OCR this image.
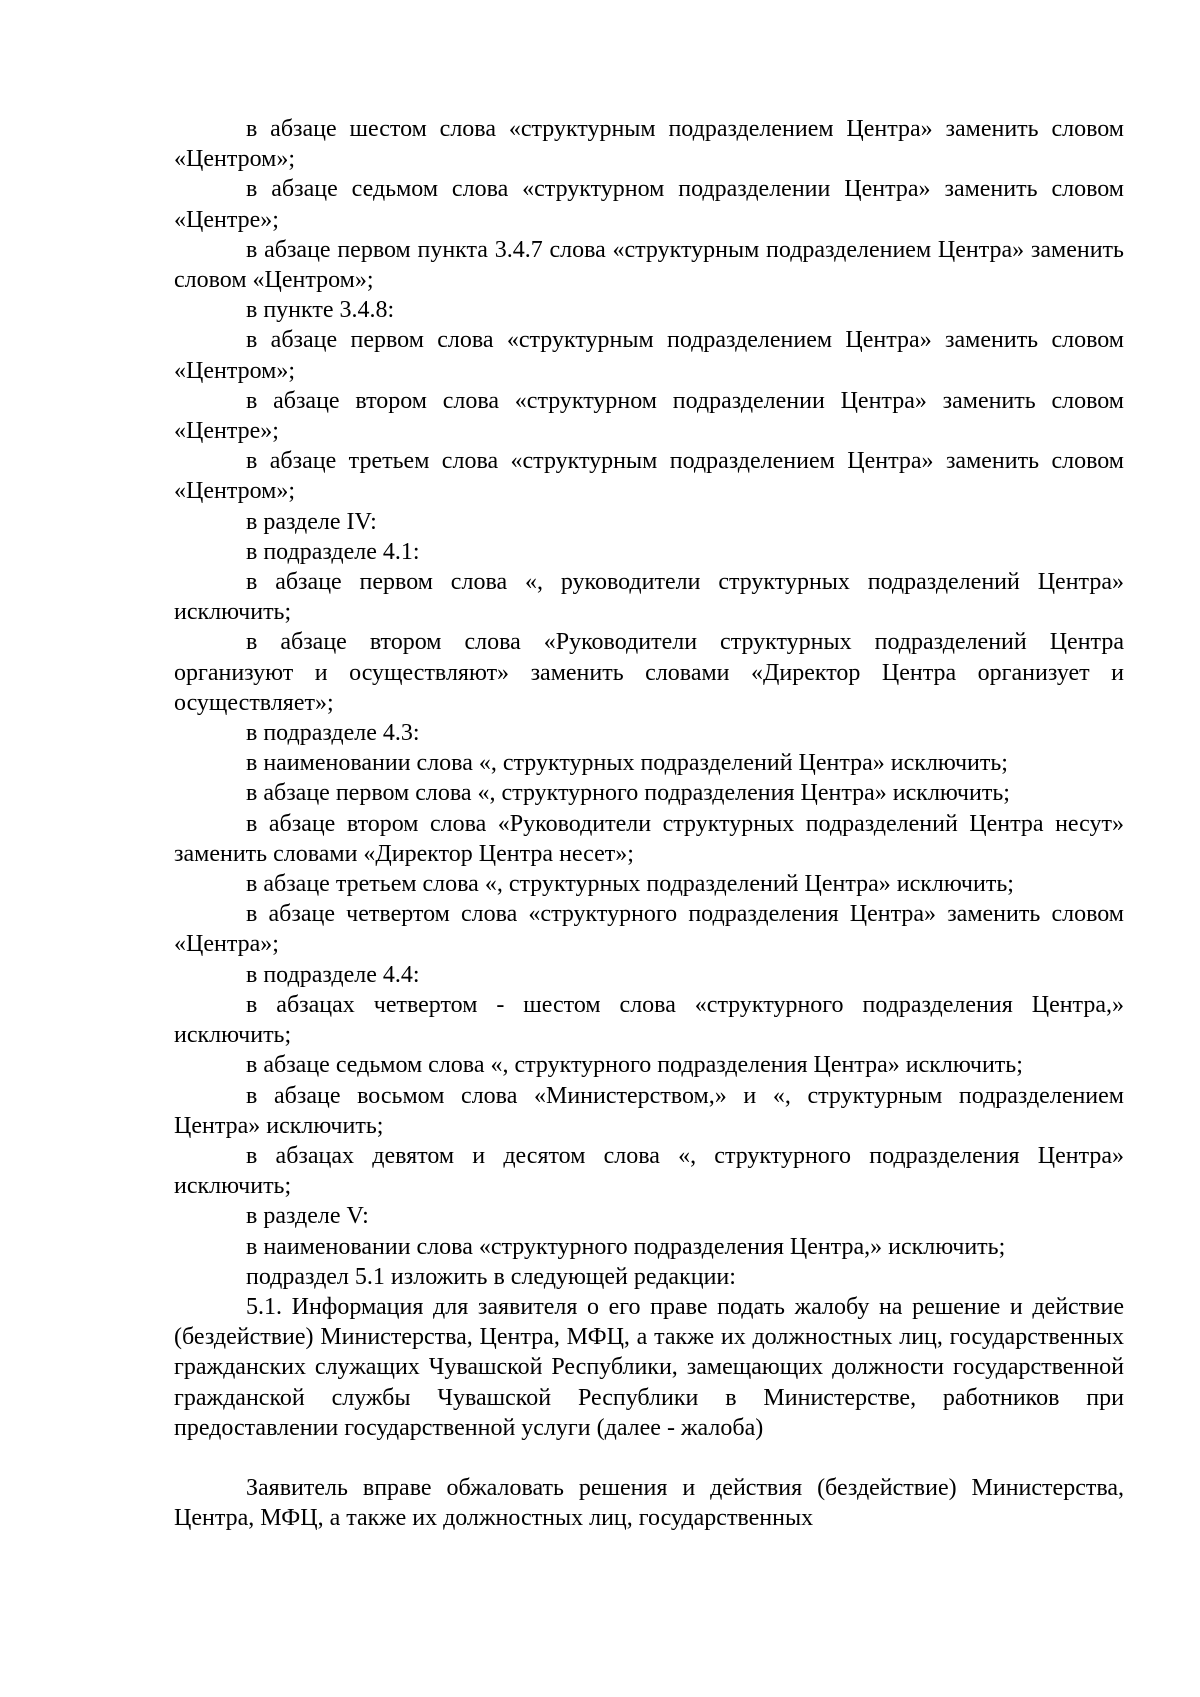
в абзаце шестом слова «структурным подразделением Центра» заменить словом «Центром»;

в абзаце седьмом слова «структурном подразделении Центра» заменить словом «Центре»;

в абзаце первом пункта 3.4.7 слова «структурным подразделением Центра» заменить словом «Центром»;

в пункте 3.4.8:

в абзаце первом слова «структурным подразделением Центра» заменить словом «Центром»;

в абзаце втором слова «структурном подразделении Центра» заменить словом «Центре»;

в абзаце третьем слова «структурным подразделением Центра» заменить словом «Центром»;

в разделе IV:

в подразделе 4.1:

в абзаце первом слова «, руководители структурных подразделений Центра» исключить;

в абзаце втором слова «Руководители структурных подразделений Центра организуют и осуществляют» заменить словами «Директор Центра организует и осуществляет»;

в подразделе 4.3:

в наименовании слова «, структурных подразделений Центра» исключить;

в абзаце первом слова «, структурного подразделения Центра» исключить;

в абзаце втором слова «Руководители структурных подразделений Центра несут» заменить словами «Директор Центра несет»;

в абзаце третьем слова «, структурных подразделений Центра» исключить;

в абзаце четвертом слова «структурного подразделения Центра» заменить словом «Центра»;

в подразделе 4.4:

в абзацах четвертом - шестом слова «структурного подразделения Центра,» исключить;

в абзаце седьмом слова «, структурного подразделения Центра» исключить;

в абзаце восьмом слова «Министерством,» и «, структурным подразделением Центра» исключить;

в абзацах девятом и десятом слова «, структурного подразделения Центра» исключить;

в разделе V:

в наименовании слова «структурного подразделения Центра,» исключить;

подраздел 5.1 изложить в следующей редакции:

5.1. Информация для заявителя о его праве подать жалобу на решение и действие (бездействие) Министерства, Центра, МФЦ, а также их должностных лиц, государственных гражданских служащих Чувашской Республики, замещающих должности государственной гражданской службы Чувашской Республики в Министерстве, работников при предоставлении государственной услуги (далее - жалоба)

Заявитель вправе обжаловать решения и действия (бездействие) Министерства, Центра, МФЦ, а также их должностных лиц, государственных
